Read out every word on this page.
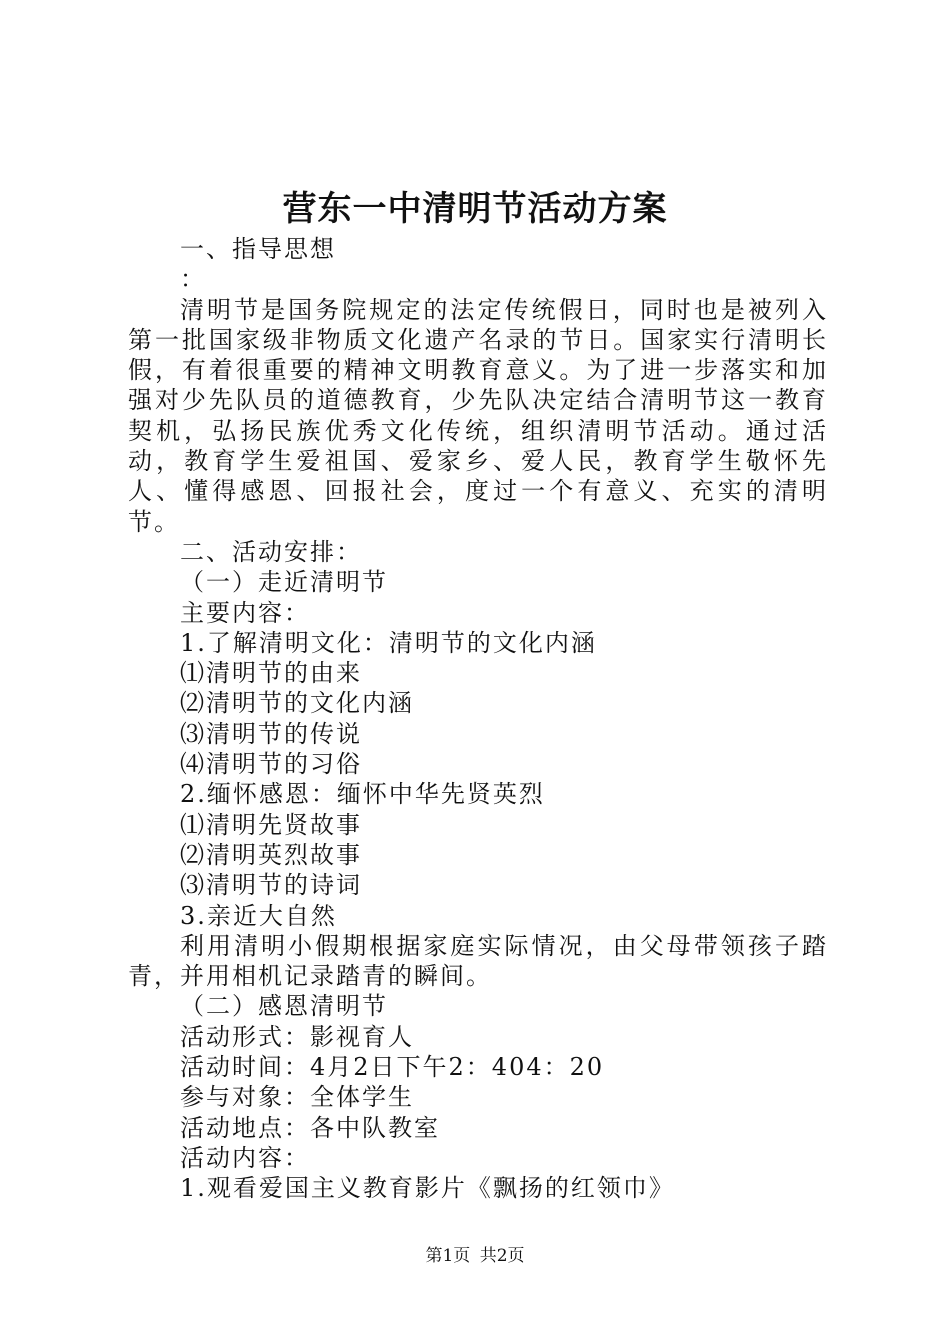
营东一中清明节活动方案

一、指导思想

：

清明节是国务院规定的法定传统假日，同时也是被列入第一批国家级非物质文化遗产名录的节日。国家实行清明长假，有着很重要的精神文明教育意义。为了进一步落实和加强对少先队员的道德教育，少先队决定结合清明节这一教育契机，弘扬民族优秀文化传统，组织清明节活动。通过活动，教育学生爱祖国、爱家乡、爱人民，教育学生敬怀先人、懂得感恩、回报社会，度过一个有意义、充实的清明节。

二、活动安排：

（一）走近清明节

主要内容：

1.了解清明文化：清明节的文化内涵

⑴清明节的由来

⑵清明节的文化内涵

⑶清明节的传说

⑷清明节的习俗

2.缅怀感恩：缅怀中华先贤英烈

⑴清明先贤故事

⑵清明英烈故事

⑶清明节的诗词

3.亲近大自然

利用清明小假期根据家庭实际情况，由父母带领孩子踏青，并用相机记录踏青的瞬间。

（二）感恩清明节

活动形式：影视育人

活动时间：4月2日下午2：404：20

参与对象：全体学生

活动地点：各中队教室

活动内容：

1.观看爱国主义教育影片《飘扬的红领巾》

第1页 共2页
